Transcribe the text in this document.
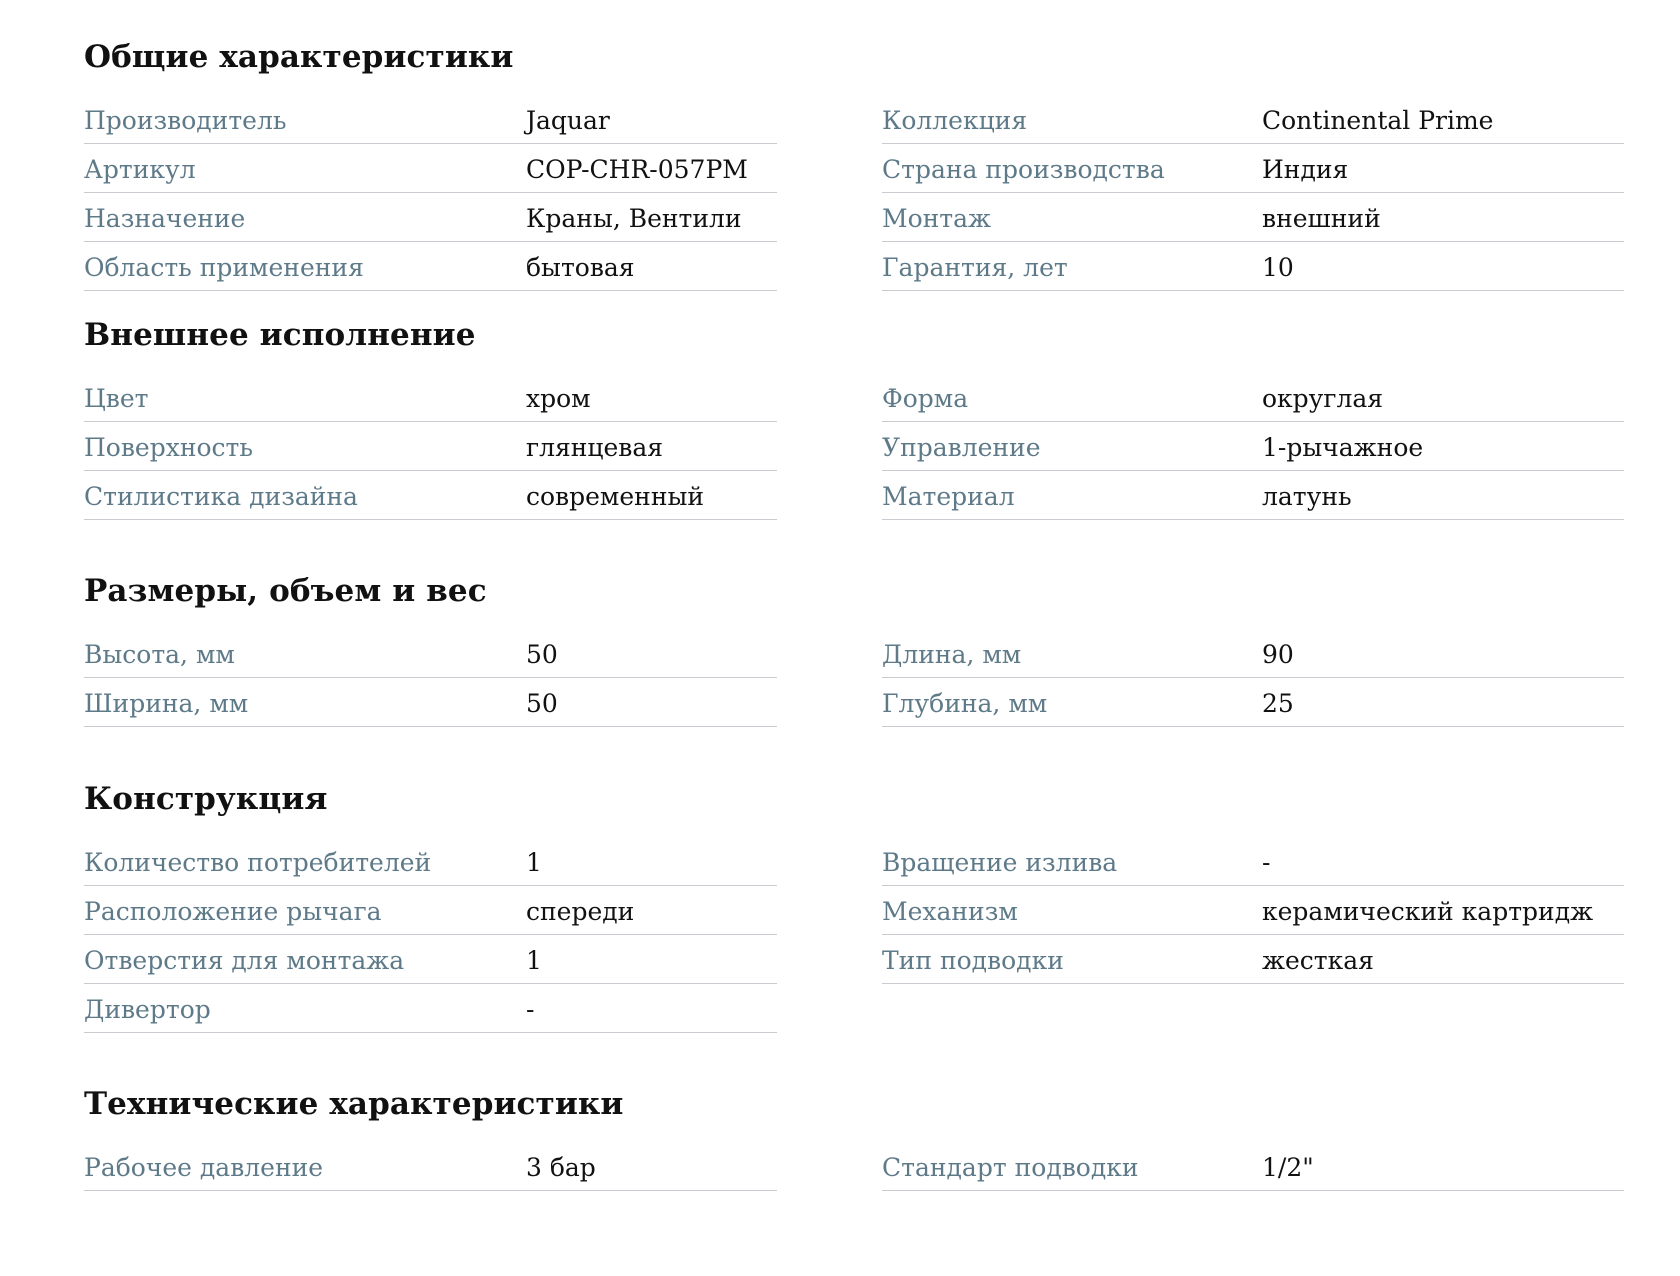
Общие характеристики
Производитель	Jaquar
Артикул	COP-CHR-057PM
Назначение	Краны, Вентили
Область применения	бытовая
Коллекция	Continental Prime
Страна производства	Индия
Монтаж	внешний
Гарантия, лет	10
Внешнее исполнение
Цвет	хром
Поверхность	глянцевая
Стилистика дизайна	современный
Форма	округлая
Управление	1-рычажное
Материал	латунь
Размеры, объем и вес
Высота, мм	50
Ширина, мм	50
Длина, мм	90
Глубина, мм	25
Конструкция
Количество потребителей	1
Расположение рычага	спереди
Отверстия для монтажа	1
Дивертор	-
Вращение излива	-
Механизм	керамический картридж
Тип подводки	жесткая
Технические характеристики
Рабочее давление	3 бар	Стандарт подводки	1/2"
